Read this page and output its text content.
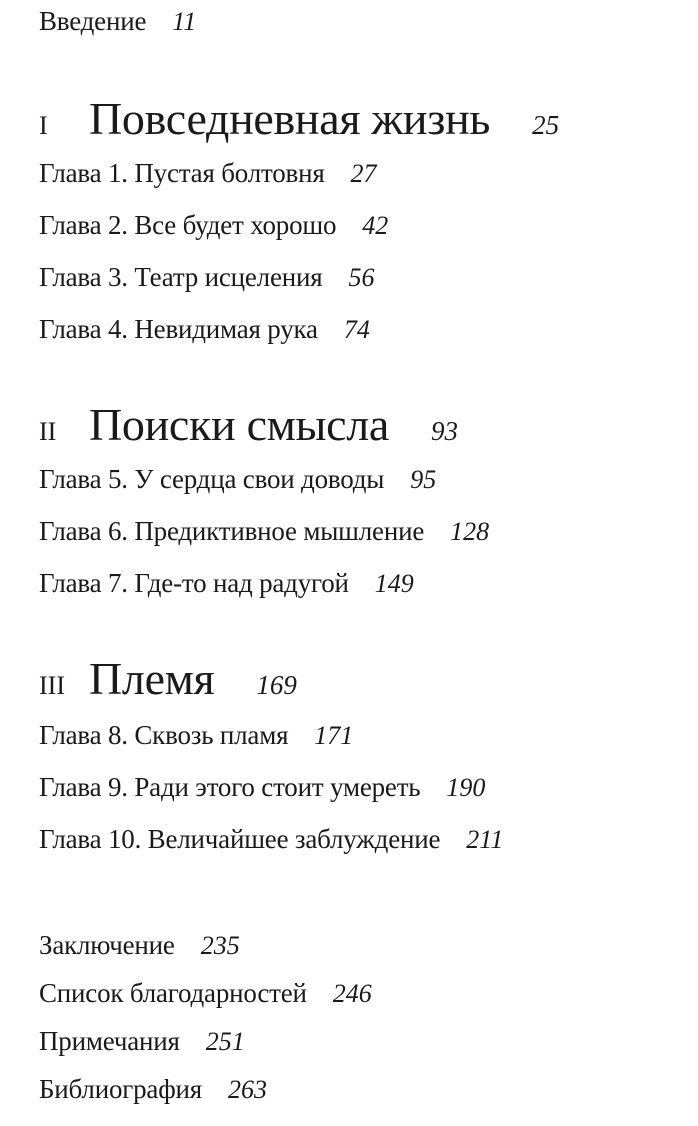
Введение 11
I Повседневная жизнь 25
Глава 1. Пустая болтовня 27
Глава 2. Все будет хорошо 42
Глава 3. Театр исцеления 56
Глава 4. Невидимая рука 74
II Поиски смысла 93
Глава 5. У сердца свои доводы 95
Глава 6. Предиктивное мышление 128
Глава 7. Где-то над радугой 149
III Племя 169
Глава 8. Сквозь пламя 171
Глава 9. Ради этого стоит умереть 190
Глава 10. Величайшее заблуждение 211
Заключение 235
Список благодарностей 246
Примечания 251
Библиография 263
